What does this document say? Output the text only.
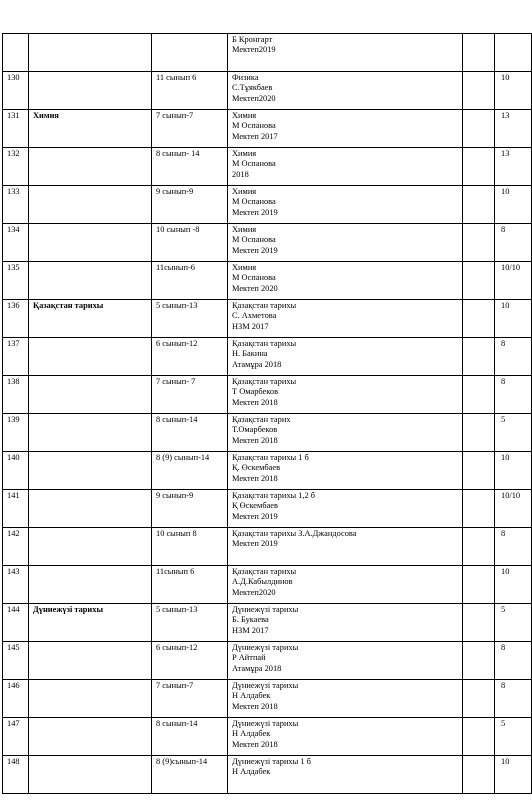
			Б Кронгарт
Мектеп2019		

130		11 сынып 6	Физика
С.Тұякбаев
Мектеп2020		10
131	Химия	7 сынып-7	Химия
М Оспанова
Мектеп 2017		13
132		8 сынып- 14	Химия
М Оспанова
2018		13
133		9 сынып-9	Химия
М Оспанова
Мектеп 2019		10
134		10 сынып -8	Химия
М Оспанова
Мектеп 2019		8
135		11сынып-6	Химия
М Оспанова
Мектеп 2020		10/10
136	Қазақстан тарихы	5 сынып-13	Қазақстан тарихы
С. Ахметова
НЗМ 2017		10
137		6 сынып-12	Қазақстан тарихы
Н. Бакина
Атамұра 2018		8
138		7 сынып- 7	Қазақстан тарихы
Т Омарбеков
Мектеп 2018		8
139		8 сынып-14	Қазақстан тарих
Т.Омарбеков
Мектеп 2018		5
140		8 (9) сынып-14	Қазақстан тарихы 1 б
Қ. Өскембаев
Мектеп 2018		10
141		9 сынып-9	Қазақстан тарихы 1,2 б
Қ Өскембаев
Мектеп 2019		10/10
142		10 сынып 8	Қазақстан тарихы З.А.Джандосова
Мектеп 2019		8
143		11сынып 6	Қазақстан тарихы
А.Д.Кабылдинов
Мектеп2020		10
144	Дүниежүзі тарихы	5 сынып-13	Дүниежүзі тарихы
Б. Букаева
НЗМ 2017		5
145		6 сынып-12	Дүниежүзі тарихы
Р Айтпай
Атамұра 2018		8
146		7 сынып-7	Дүниежүзі тарихы
Н Алдабек
Мектеп 2018		8
147		8 сынып-14	Дүниежүзі тарихы
Н Алдабек
Мектеп 2018		5
148		8 (9)сынып-14	Дүниежүзі тарихы 1 б
Н Алдабек		10
